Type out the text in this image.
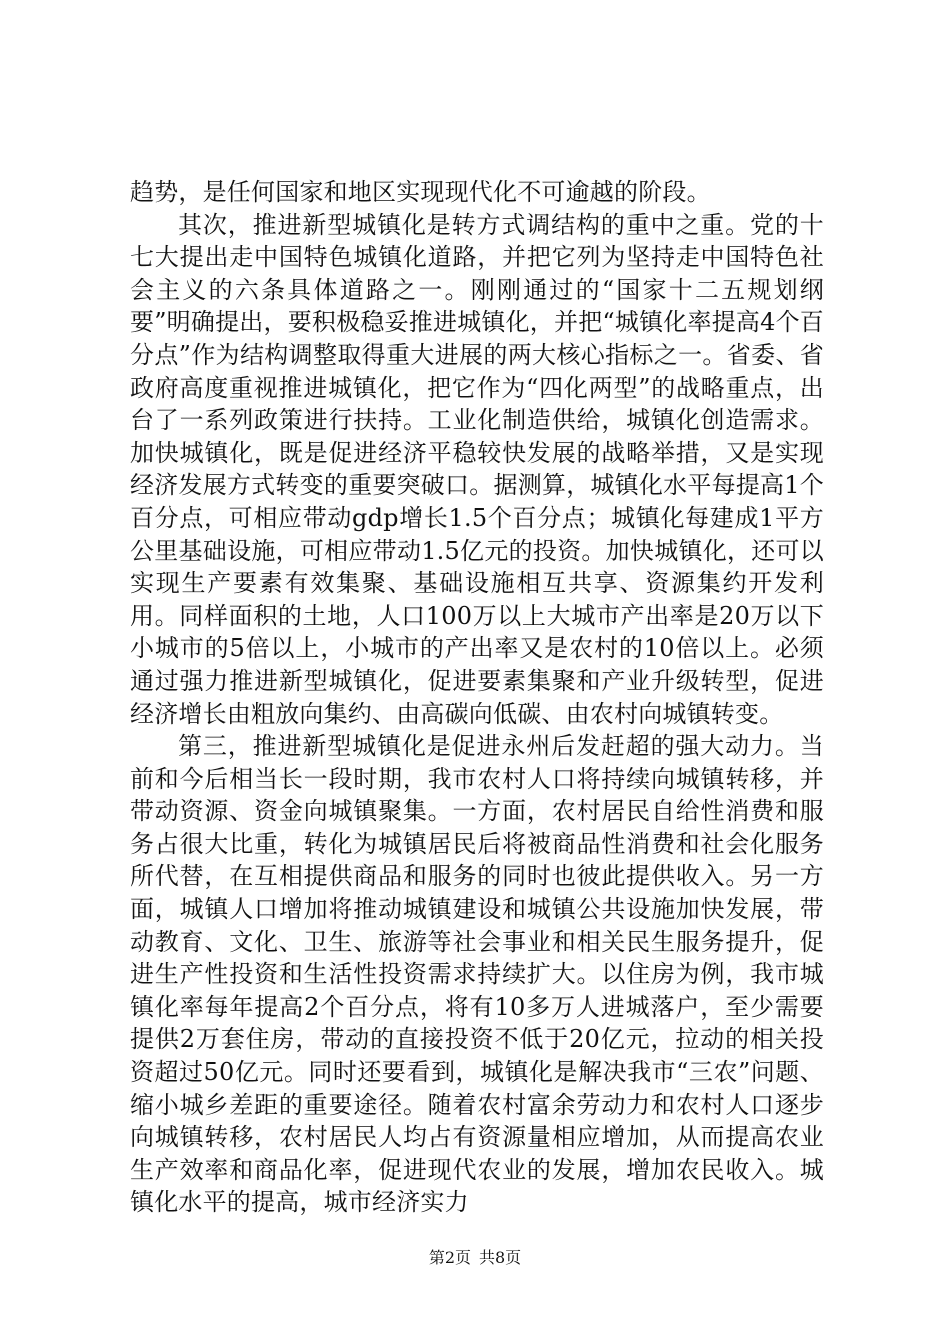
趋势，是任何国家和地区实现现代化不可逾越的阶段。

其次，推进新型城镇化是转方式调结构的重中之重。党的十七大提出走中国特色城镇化道路，并把它列为坚持走中国特色社会主义的六条具体道路之一。刚刚通过的“国家十二五规划纲要”明确提出，要积极稳妥推进城镇化，并把“城镇化率提高4个百分点”作为结构调整取得重大进展的两大核心指标之一。省委、省政府高度重视推进城镇化，把它作为“四化两型”的战略重点，出台了一系列政策进行扶持。工业化制造供给，城镇化创造需求。加快城镇化，既是促进经济平稳较快发展的战略举措，又是实现经济发展方式转变的重要突破口。据测算，城镇化水平每提高1个百分点，可相应带动gdp增长1.5个百分点；城镇化每建成1平方公里基础设施，可相应带动1.5亿元的投资。加快城镇化，还可以实现生产要素有效集聚、基础设施相互共享、资源集约开发利用。同样面积的土地，人口100万以上大城市产出率是20万以下小城市的5倍以上，小城市的产出率又是农村的10倍以上。必须通过强力推进新型城镇化，促进要素集聚和产业升级转型，促进经济增长由粗放向集约、由高碳向低碳、由农村向城镇转变。

第三，推进新型城镇化是促进永州后发赶超的强大动力。当前和今后相当长一段时期，我市农村人口将持续向城镇转移，并带动资源、资金向城镇聚集。一方面，农村居民自给性消费和服务占很大比重，转化为城镇居民后将被商品性消费和社会化服务所代替，在互相提供商品和服务的同时也彼此提供收入。另一方面，城镇人口增加将推动城镇建设和城镇公共设施加快发展，带动教育、文化、卫生、旅游等社会事业和相关民生服务提升，促进生产性投资和生活性投资需求持续扩大。以住房为例，我市城镇化率每年提高2个百分点，将有10多万人进城落户，至少需要提供2万套住房，带动的直接投资不低于20亿元，拉动的相关投资超过50亿元。同时还要看到，城镇化是解决我市“三农”问题、缩小城乡差距的重要途径。随着农村富余劳动力和农村人口逐步向城镇转移，农村居民人均占有资源量相应增加，从而提高农业生产效率和商品化率，促进现代农业的发展，增加农民收入。城镇化水平的提高，城市经济实力

第2页 共8页
